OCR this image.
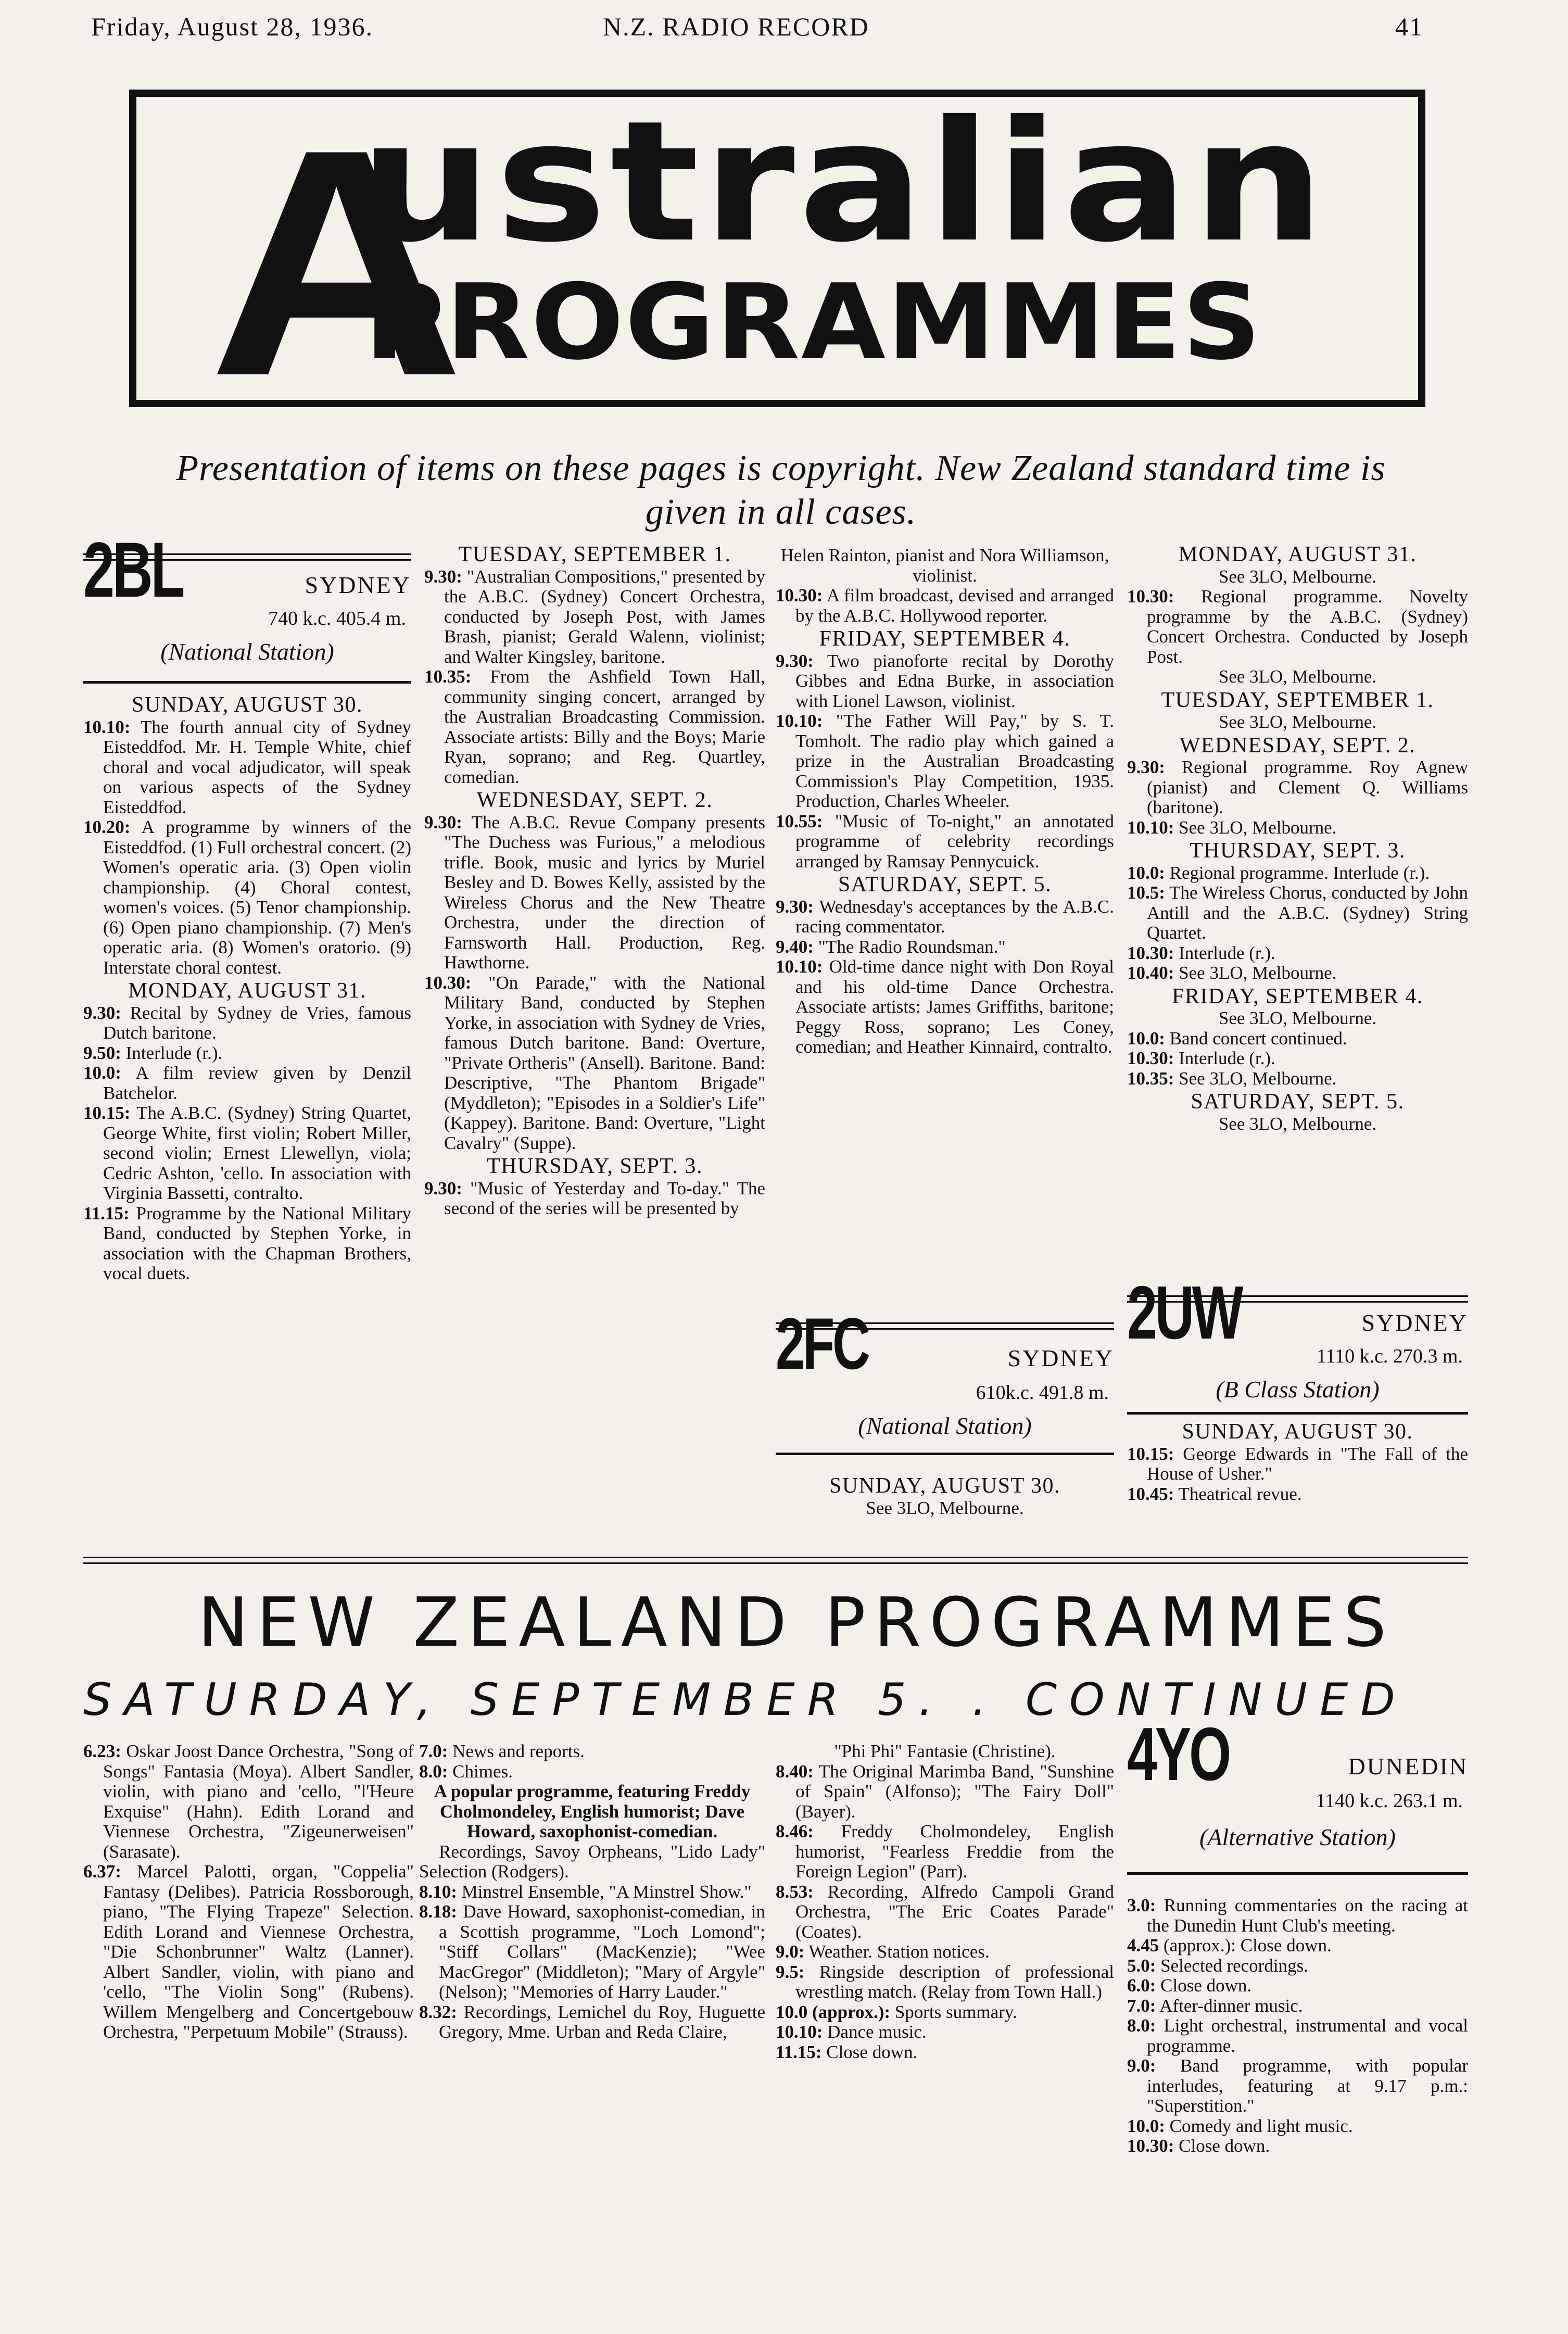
Friday, August 28, 1936.	N.Z. RADIO RECORD	41
A
ustralian
PROGRAMMES
Presentation of items on these pages is copyright. New Zealand standard time is
given in all cases.
2BL	SYDNEY
740 k.c. 405.4 m.
(National Station)
SUNDAY, AUGUST 30.

10.10: The fourth annual city of Sydney Eisteddfod. Mr. H. Temple White, chief choral and vocal adjudicator, will speak on various aspects of the Sydney Eisteddfod.

10.20: A programme by winners of the Eisteddfod. (1) Full orchestral concert. (2) Women's operatic aria. (3) Open violin championship. (4) Choral contest, women's voices. (5) Tenor championship. (6) Open piano championship. (7) Men's operatic aria. (8) Women's oratorio. (9) Interstate choral contest.

MONDAY, AUGUST 31.

9.30: Recital by Sydney de Vries, famous Dutch baritone.

9.50: Interlude (r.).

10.0: A film review given by Denzil Batchelor.

10.15: The A.B.C. (Sydney) String Quartet, George White, first violin; Robert Miller, second violin; Ernest Llewellyn, viola; Cedric Ashton, 'cello. In association with Virginia Bassetti, contralto.

11.15: Programme by the National Military Band, conducted by Stephen Yorke, in association with the Chapman Brothers, vocal duets.

TUESDAY, SEPTEMBER 1.

9.30: "Australian Compositions," presented by the A.B.C. (Sydney) Concert Orchestra, conducted by Joseph Post, with James Brash, pianist; Gerald Walenn, violinist; and Walter Kingsley, baritone.

10.35: From the Ashfield Town Hall, community singing concert, arranged by the Australian Broadcasting Commission. Associate artists: Billy and the Boys; Marie Ryan, soprano; and Reg. Quartley, comedian.

WEDNESDAY, SEPT. 2.

9.30: The A.B.C. Revue Company presents "The Duchess was Furious," a melodious trifle. Book, music and lyrics by Muriel Besley and D. Bowes Kelly, assisted by the Wireless Chorus and the New Theatre Orchestra, under the direction of Farnsworth Hall. Production, Reg. Hawthorne.

10.30: "On Parade," with the National Military Band, conducted by Stephen Yorke, in association with Sydney de Vries, famous Dutch baritone. Band: Overture, "Private Ortheris" (Ansell). Baritone. Band: Descriptive, "The Phantom Brigade" (Myddleton); "Episodes in a Soldier's Life" (Kappey). Baritone. Band: Overture, "Light Cavalry" (Suppe).

THURSDAY, SEPT. 3.

9.30: "Music of Yesterday and To-day." The second of the series will be presented by

Helen Rainton, pianist and Nora Williamson, violinist.

10.30: A film broadcast, devised and arranged by the A.B.C. Hollywood reporter.

FRIDAY, SEPTEMBER 4.

9.30: Two pianoforte recital by Dorothy Gibbes and Edna Burke, in association with Lionel Lawson, violinist.

10.10: "The Father Will Pay," by S. T. Tomholt. The radio play which gained a prize in the Australian Broadcasting Commission's Play Competition, 1935. Production, Charles Wheeler.

10.55: "Music of To-night," an annotated programme of celebrity recordings arranged by Ramsay Pennycuick.

SATURDAY, SEPT. 5.

9.30: Wednesday's acceptances by the A.B.C. racing commentator.

9.40: "The Radio Roundsman."

10.10: Old-time dance night with Don Royal and his old-time Dance Orchestra. Associate artists: James Griffiths, baritone; Peggy Ross, soprano; Les Coney, comedian; and Heather Kinnaird, contralto.

2FC	SYDNEY
610k.c. 491.8 m.
(National Station)
SUNDAY, AUGUST 30.
See 3LO, Melbourne.
MONDAY, AUGUST 31.
See 3LO, Melbourne.

10.30: Regional programme. Novelty programme by the A.B.C. (Sydney) Concert Orchestra. Conducted by Joseph Post.

See 3LO, Melbourne.
TUESDAY, SEPTEMBER 1.
See 3LO, Melbourne.
WEDNESDAY, SEPT. 2.

9.30: Regional programme. Roy Agnew (pianist) and Clement Q. Williams (baritone).

10.10: See 3LO, Melbourne.

THURSDAY, SEPT. 3.

10.0: Regional programme. Interlude (r.).

10.5: The Wireless Chorus, conducted by John Antill and the A.B.C. (Sydney) String Quartet.

10.30: Interlude (r.).

10.40: See 3LO, Melbourne.

FRIDAY, SEPTEMBER 4.
See 3LO, Melbourne.

10.0: Band concert continued.

10.30: Interlude (r.).

10.35: See 3LO, Melbourne.

SATURDAY, SEPT. 5.
See 3LO, Melbourne.
2UW	SYDNEY
1110 k.c. 270.3 m.
(B Class Station)
SUNDAY, AUGUST 30.

10.15: George Edwards in "The Fall of the House of Usher."

10.45: Theatrical revue.

NEW ZEALAND PROGRAMMES
SATURDAY, SEPTEMBER 5. . CONTINUED

6.23: Oskar Joost Dance Orchestra, "Song of Songs" Fantasia (Moya). Albert Sandler, violin, with piano and 'cello, "l'Heure Exquise" (Hahn). Edith Lorand and Viennese Orchestra, "Zigeunerweisen" (Sarasate).

6.37: Marcel Palotti, organ, "Coppelia" Fantasy (Delibes). Patricia Rossborough, piano, "The Flying Trapeze" Selection. Edith Lorand and Viennese Orchestra, "Die Schonbrunner" Waltz (Lanner). Albert Sandler, violin, with piano and 'cello, "The Violin Song" (Rubens). Willem Mengelberg and Concertgebouw Orchestra, "Perpetuum Mobile" (Strauss).

7.0: News and reports.

8.0: Chimes.

A popular programme, featuring Freddy Cholmondeley, English humorist; Dave Howard, saxophonist-comedian.

Recordings, Savoy Orpheans, "Lido Lady" Selection (Rodgers).

8.10: Minstrel Ensemble, "A Minstrel Show."

8.18: Dave Howard, saxophonist-comedian, in a Scottish programme, "Loch Lomond"; "Stiff Collars" (MacKenzie); "Wee MacGregor" (Middleton); "Mary of Argyle" (Nelson); "Memories of Harry Lauder."

8.32: Recordings, Lemichel du Roy, Huguette Gregory, Mme. Urban and Reda Claire,

"Phi Phi" Fantasie (Christine).

8.40: The Original Marimba Band, "Sunshine of Spain" (Alfonso); "The Fairy Doll" (Bayer).

8.46: Freddy Cholmondeley, English humorist, "Fearless Freddie from the Foreign Legion" (Parr).

8.53: Recording, Alfredo Campoli Grand Orchestra, "The Eric Coates Parade" (Coates).

9.0: Weather. Station notices.

9.5: Ringside description of professional wrestling match. (Relay from Town Hall.)

10.0 (approx.): Sports summary.

10.10: Dance music.

11.15: Close down.

4YO	DUNEDIN
1140 k.c. 263.1 m.
(Alternative Station)

3.0: Running commentaries on the racing at the Dunedin Hunt Club's meeting.

4.45 (approx.): Close down.

5.0: Selected recordings.

6.0: Close down.

7.0: After-dinner music.

8.0: Light orchestral, instrumental and vocal programme.

9.0: Band programme, with popular interludes, featuring at 9.17 p.m.: "Superstition."

10.0: Comedy and light music.

10.30: Close down.
